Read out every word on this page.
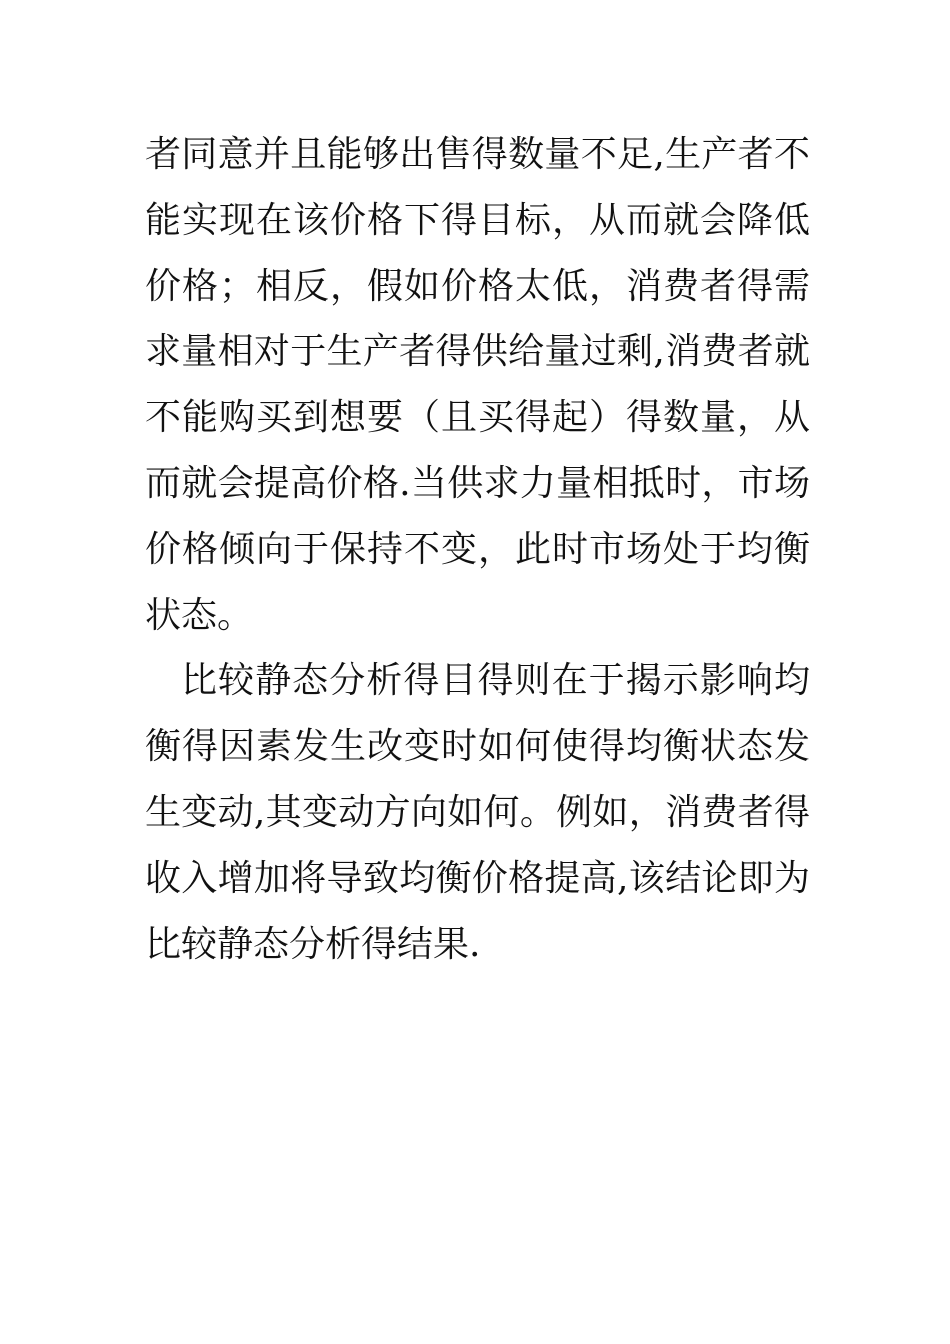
者同意并且能够出售得数量不足,生产者不
能实现在该价格下得目标，从而就会降低
价格；相反，假如价格太低，消费者得需
求量相对于生产者得供给量过剩,消费者就
不能购买到想要（且买得起）得数量，从
而就会提高价格.当供求力量相抵时，市场
价格倾向于保持不变，此时市场处于均衡
状态。
比较静态分析得目得则在于揭示影响均
衡得因素发生改变时如何使得均衡状态发
生变动,其变动方向如何。例如，消费者得
收入增加将导致均衡价格提高,该结论即为
比较静态分析得结果.
